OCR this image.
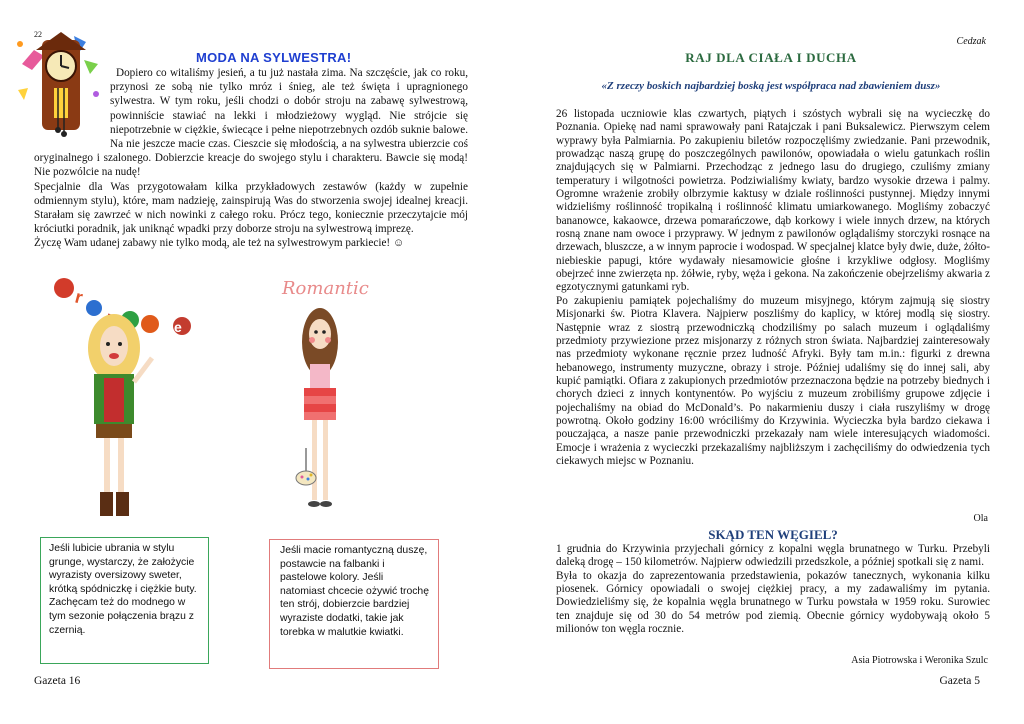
22
MODA NA SYLWESTRA!

Dopiero co witaliśmy jesień, a tu już nastała zima. Na szczęście, jak co roku, przynosi ze sobą nie tylko mróz i śnieg, ale też święta i upragnionego sylwestra. W tym roku, jeśli chodzi o dobór stroju na zabawę sylwestrową, powinniście stawiać na lekki i młodzieżowy wygląd. Nie strójcie się niepotrzebnie w ciężkie, świecące i pełne niepotrzebnych ozdób suknie balowe. Na nie jeszcze macie czas. Cieszcie się młodością, a na sylwestra ubierzcie coś oryginalnego i szalonego. Dobierzcie kreacje do swojego stylu i charakteru. Bawcie się modą! Nie pozwólcie na nudę!

Specjalnie dla Was przygotowałam kilka przykładowych zestawów (każdy w zupełnie odmiennym stylu), które, mam nadzieję, zainspirują Was do stworzenia swojej idealnej kreacji. Starałam się zawrzeć w nich nowinki z całego roku. Prócz tego, koniecznie przeczytajcie mój króciutki poradnik, jak uniknąć wpadki przy doborze stroju na sylwestrową imprezę.

Życzę Wam udanej zabawy nie tylko modą, ale też na sylwestrowym parkiecie! ☺

r
e
Romantic
Jeśli lubicie ubrania w stylu grunge, wystarczy, że założycie wyrazisty oversizowy sweter, krótką spódniczkę i ciężkie buty. Zachęcam też do modnego w tym sezonie połączenia brązu z czernią.
Jeśli macie romantyczną duszę, postawcie na falbanki i pastelowe kolory. Jeśli natomiast chcecie ożywić trochę ten strój, dobierzcie bardziej wyraziste dodatki, takie jak torebka w malutkie kwiatki.
Gazeta 16
Cedzak
RAJ DLA CIAŁA I DUCHA
«Z rzeczy boskich najbardziej boską jest współpraca nad zbawieniem dusz»

26 listopada uczniowie klas czwartych, piątych i szóstych wybrali się na wycieczkę do Poznania. Opiekę nad nami sprawowały pani Ratajczak i pani Buksalewicz. Pierwszym celem wyprawy była Palmiarnia. Po zakupieniu biletów rozpoczęliśmy zwiedzanie. Pani przewodnik, prowadząc naszą grupę do poszczególnych pawilonów, opowiadała o wielu gatunkach roślin znajdujących się w Palmiarni. Przechodząc z jednego lasu do drugiego, czuliśmy zmiany temperatury i wilgotności powietrza. Podziwialiśmy kwiaty, bardzo wysokie drzewa i palmy. Ogromne wrażenie zrobiły olbrzymie kaktusy w dziale roślinności pustynnej. Między innymi widzieliśmy roślinność tropikalną i roślinność klimatu umiarkowanego. Mogliśmy zobaczyć bananowce, kakaowce, drzewa pomarańczowe, dąb korkowy i wiele innych drzew, na których rosną znane nam owoce i przyprawy. W jednym z pawilonów oglądaliśmy storczyki rosnące na drzewach, bluszcze, a w innym paprocie i wodospad. W specjalnej klatce były dwie, duże, żółto-niebieskie papugi, które wydawały niesamowicie głośne i krzykliwe odgłosy. Mogliśmy obejrzeć inne zwierzęta np. żółwie, ryby, węża i gekona. Na zakończenie obejrzeliśmy akwaria z egzotycznymi gatunkami ryb.

Po zakupieniu pamiątek pojechaliśmy do muzeum misyjnego, którym zajmują się siostry Misjonarki św. Piotra Klavera. Najpierw poszliśmy do kaplicy, w której modlą się siostry. Następnie wraz z siostrą przewodniczką chodziliśmy po salach muzeum i oglądaliśmy przedmioty przywiezione przez misjonarzy z różnych stron świata. Najbardziej zainteresowały nas przedmioty wykonane ręcznie przez ludność Afryki. Były tam m.in.: figurki z drewna hebanowego, instrumenty muzyczne, obrazy i stroje. Później udaliśmy się do innej sali, aby kupić pamiątki. Ofiara z zakupionych przedmiotów przeznaczona będzie na potrzeby biednych i chorych dzieci z innych kontynentów. Po wyjściu z muzeum zrobiliśmy grupowe zdjęcie i pojechaliśmy na obiad do McDonald’s. Po nakarmieniu duszy i ciała ruszyliśmy w drogę powrotną. Około godziny 16:00 wróciliśmy do Krzywinia. Wycieczka była bardzo ciekawa i pouczająca, a nasze panie przewodniczki przekazały nam wiele interesujących wiadomości. Emocje i wrażenia z wycieczki przekazaliśmy najbliższym i zachęciliśmy do odwiedzenia tych ciekawych miejsc w Poznaniu.

Ola
SKĄD TEN WĘGIEL?

1 grudnia do Krzywinia przyjechali górnicy z kopalni węgla brunatnego w Turku. Przebyli daleką drogę – 150 kilometrów. Najpierw odwiedzili przedszkole, a później spotkali się z nami.

Była to okazja do zaprezentowania przedstawienia, pokazów tanecznych, wykonania kilku piosenek. Górnicy opowiadali o swojej ciężkiej pracy, a my zadawaliśmy im pytania. Dowiedzieliśmy się, że kopalnia węgla brunatnego w Turku powstała w 1959 roku. Surowiec ten znajduje się od 30 do 54 metrów pod ziemią. Obecnie górnicy wydobywają około 5 milionów ton węgla rocznie.

Asia Piotrowska i Weronika Szulc
Gazeta 5
